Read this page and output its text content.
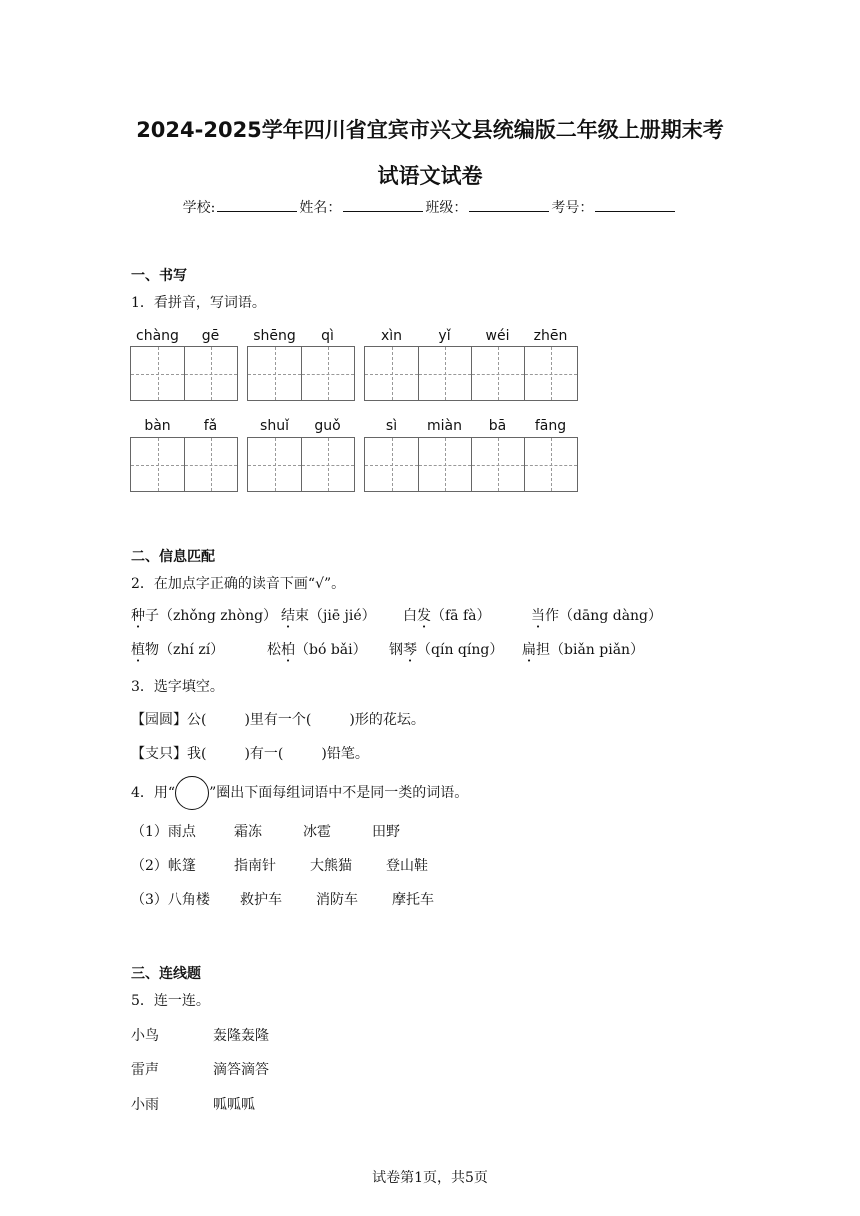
2024-2025学年四川省宜宾市兴文县统编版二年级上册期末考
试语文试卷
学校:	姓名：	班级：	考号：
一、书写
1．看拼音，写词语。
chàng	gē	shēng	qì	xìn	yǐ	wéi	zhēn
bàn	fǎ	shuǐ	guǒ	sì	miàn	bā	fāng
二、信息匹配
2．在加点字正确的读音下画“√”。
种子（zhǒng zhòng） 结束（jiē jié） 白发（fā fà）	当作（dāng dàng）
植物（zhí zí）	松柏（bó bǎi） 钢琴（qín qíng） 扁担（biǎn piǎn）
3．选字填空。
【园圆】公(	)里有一个(	)形的花坛。
【支只】我(	)有一(	)铅笔。
4．用“ ”圈出下面每组词语中不是同一类的词语。
（1）雨点	霜冻	冰雹	田野
（2）帐篷	指南针 大熊猫 登山鞋
（3）八角楼 救护车 消防车 摩托车
三、连线题
5．连一连。
小鸟	轰隆轰隆
雷声	滴答滴答
小雨	呱呱呱
试卷第1页，共5页
